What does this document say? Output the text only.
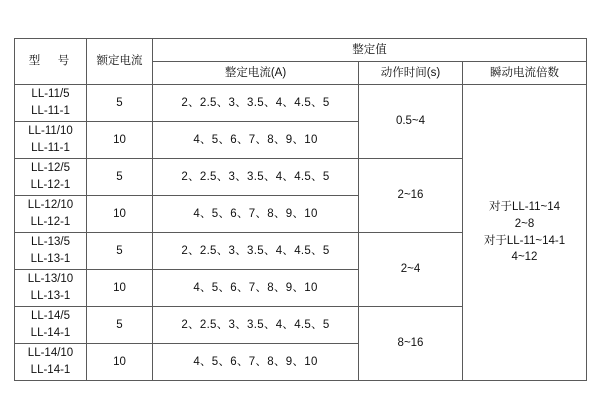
型　号	额定电流	整定值		
		整定电流(A)	动作时间(s)	瞬动电流倍数

LL-11/5
LL-11-1	5	2、2.5、3、3.5、4、4.5、5	0.5~4	对于LL-11~14
2~8
对于LL-11~14-1
4~12

LL-11/10
LL-11-1	10	4、5、6、7、8、9、10		

LL-12/5
LL-12-1	5	2、2.5、3、3.5、4、4.5、5	2~16	

LL-12/10
LL-12-1	10	4、5、6、7、8、9、10		

LL-13/5
LL-13-1	5	2、2.5、3、3.5、4、4.5、5	2~4	

LL-13/10
LL-13-1	10	4、5、6、7、8、9、10		

LL-14/5
LL-14-1	5	2、2.5、3、3.5、4、4.5、5	8~16	

LL-14/10
LL-14-1	10	4、5、6、7、8、9、10		
